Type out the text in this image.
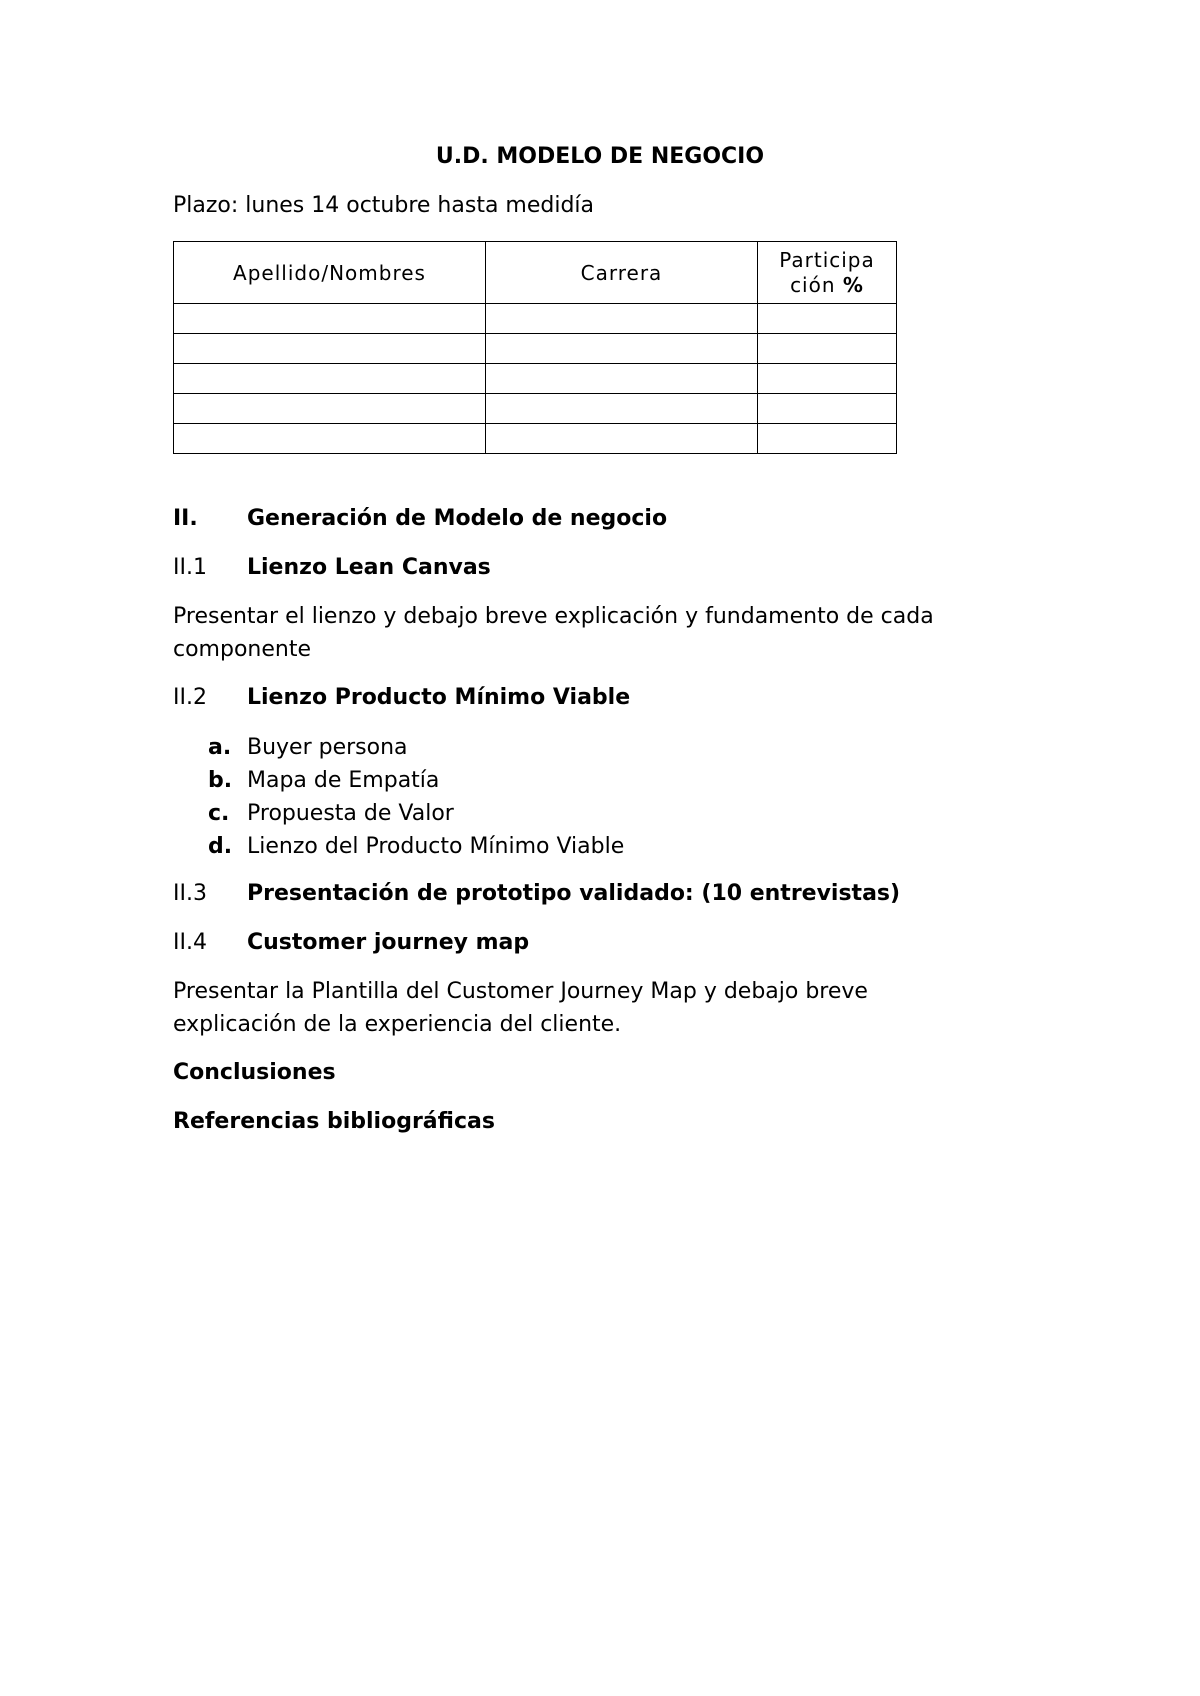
U.D. MODELO DE NEGOCIO
Plazo: lunes 14 octubre hasta medidía
Apellido/Nombres	Carrera	Participa
ción %

II. Generación de Modelo de negocio
II.1 Lienzo Lean Canvas
Presentar el lienzo y debajo breve explicación y fundamento de cada componente
II.2 Lienzo Producto Mínimo Viable
a. Buyer persona
b. Mapa de Empatía
c. Propuesta de Valor
d. Lienzo del Producto Mínimo Viable
II.3 Presentación de prototipo validado: (10 entrevistas)
II.4 Customer journey map
Presentar la Plantilla del Customer Journey Map y debajo breve explicación de la experiencia del cliente.
Conclusiones
Referencias bibliográficas
